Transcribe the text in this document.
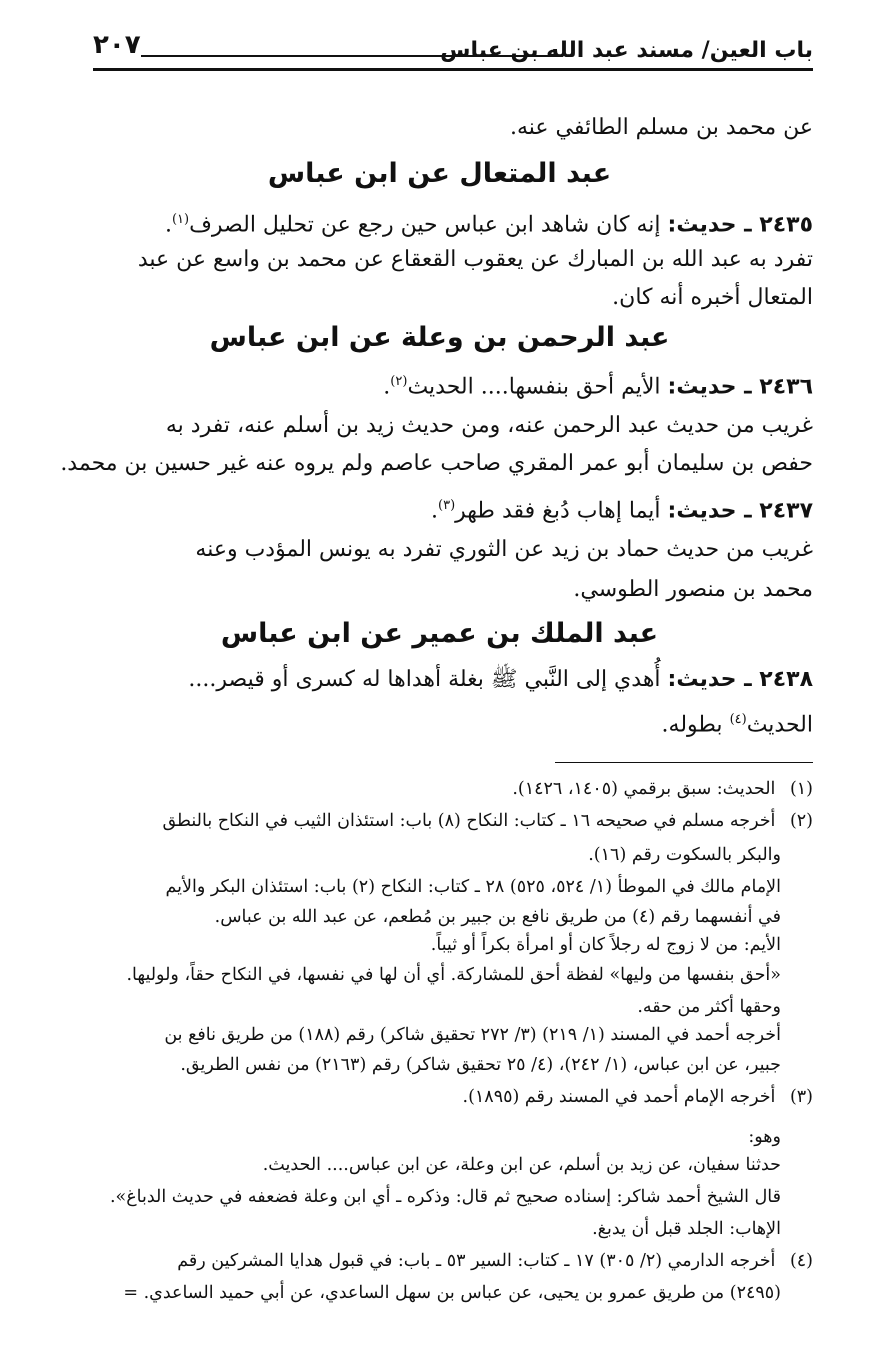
باب العين/ مسند عبد الله بن عباس
٢٠٧
عن محمد بن مسلم الطائفي عنه.
عبد المتعال عن ابن عباس
٢٤٣٥ ـ حديث: إنه كان شاهد ابن عباس حين رجع عن تحليل الصرف$^{(١)}$.
تفرد به عبد الله بن المبارك عن يعقوب القعقاع عن محمد بن واسع عن عبد
المتعال أخبره أنه كان.
عبد الرحمن بن وعلة عن ابن عباس
٢٤٣٦ ـ حديث: الأيم أحق بنفسها.... الحديث$^{(٢)}$.
غريب من حديث عبد الرحمن عنه، ومن حديث زيد بن أسلم عنه، تفرد به
حفص بن سليمان أبو عمر المقري صاحب عاصم ولم يروه عنه غير حسين بن محمد.
٢٤٣٧ ـ حديث: أيما إهاب دُبغ فقد طهر$^{(٣)}$.
غريب من حديث حماد بن زيد عن الثوري تفرد به يونس المؤدب وعنه
محمد بن منصور الطوسي.
عبد الملك بن عمير عن ابن عباس
٢٤٣٨ ـ حديث: أُهدي إلى النَّبي ﷺ بغلة أهداها له كسرى أو قيصر....
الحديث$^{(٤)}$ بطوله.
(١) الحديث: سبق برقمي (١٤٠٥، ١٤٢٦).
(٢) أخرجه مسلم في صحيحه ١٦ ـ كتاب: النكاح (٨) باب: استئذان الثيب في النكاح بالنطق
والبكر بالسكوت رقم (١٦).
الإمام مالك في الموطأ (١/ ٥٢٤، ٥٢٥) ٢٨ ـ كتاب: النكاح (٢) باب: استئذان البكر والأيم
في أنفسهما رقم (٤) من طريق نافع بن جبير بن مُطعم، عن عبد الله بن عباس.
الأيم: من لا زوج له رجلاً كان أو امرأة بكراً أو ثيباً.
«أحق بنفسها من وليها» لفظة أحق للمشاركة. أي أن لها في نفسها، في النكاح حقاً، ولوليها.
وحقها أكثر من حقه.
أخرجه أحمد في المسند (١/ ٢١٩) (٣/ ٢٧٢ تحقيق شاكر) رقم (١٨٨) من طريق نافع بن
جبير، عن ابن عباس، (١/ ٢٤٢)، (٤/ ٢٥ تحقيق شاكر) رقم (٢١٦٣) من نفس الطريق.
(٣) أخرجه الإمام أحمد في المسند رقم (١٨٩٥).
وهو:
حدثنا سفيان، عن زيد بن أسلم، عن ابن وعلة، عن ابن عباس.... الحديث.
قال الشيخ أحمد شاكر: إسناده صحيح ثم قال: وذكره ـ أي ابن وعلة فضعفه في حديث الدباغ».
الإهاب: الجلد قبل أن يدبغ.
(٤) أخرجه الدارمي (٢/ ٣٠٥) ١٧ ـ كتاب: السير ٥٣ ـ باب: في قبول هدايا المشركين رقم
(٢٤٩٥) من طريق عمرو بن يحيى، عن عباس بن سهل الساعدي، عن أبي حميد الساعدي. =
